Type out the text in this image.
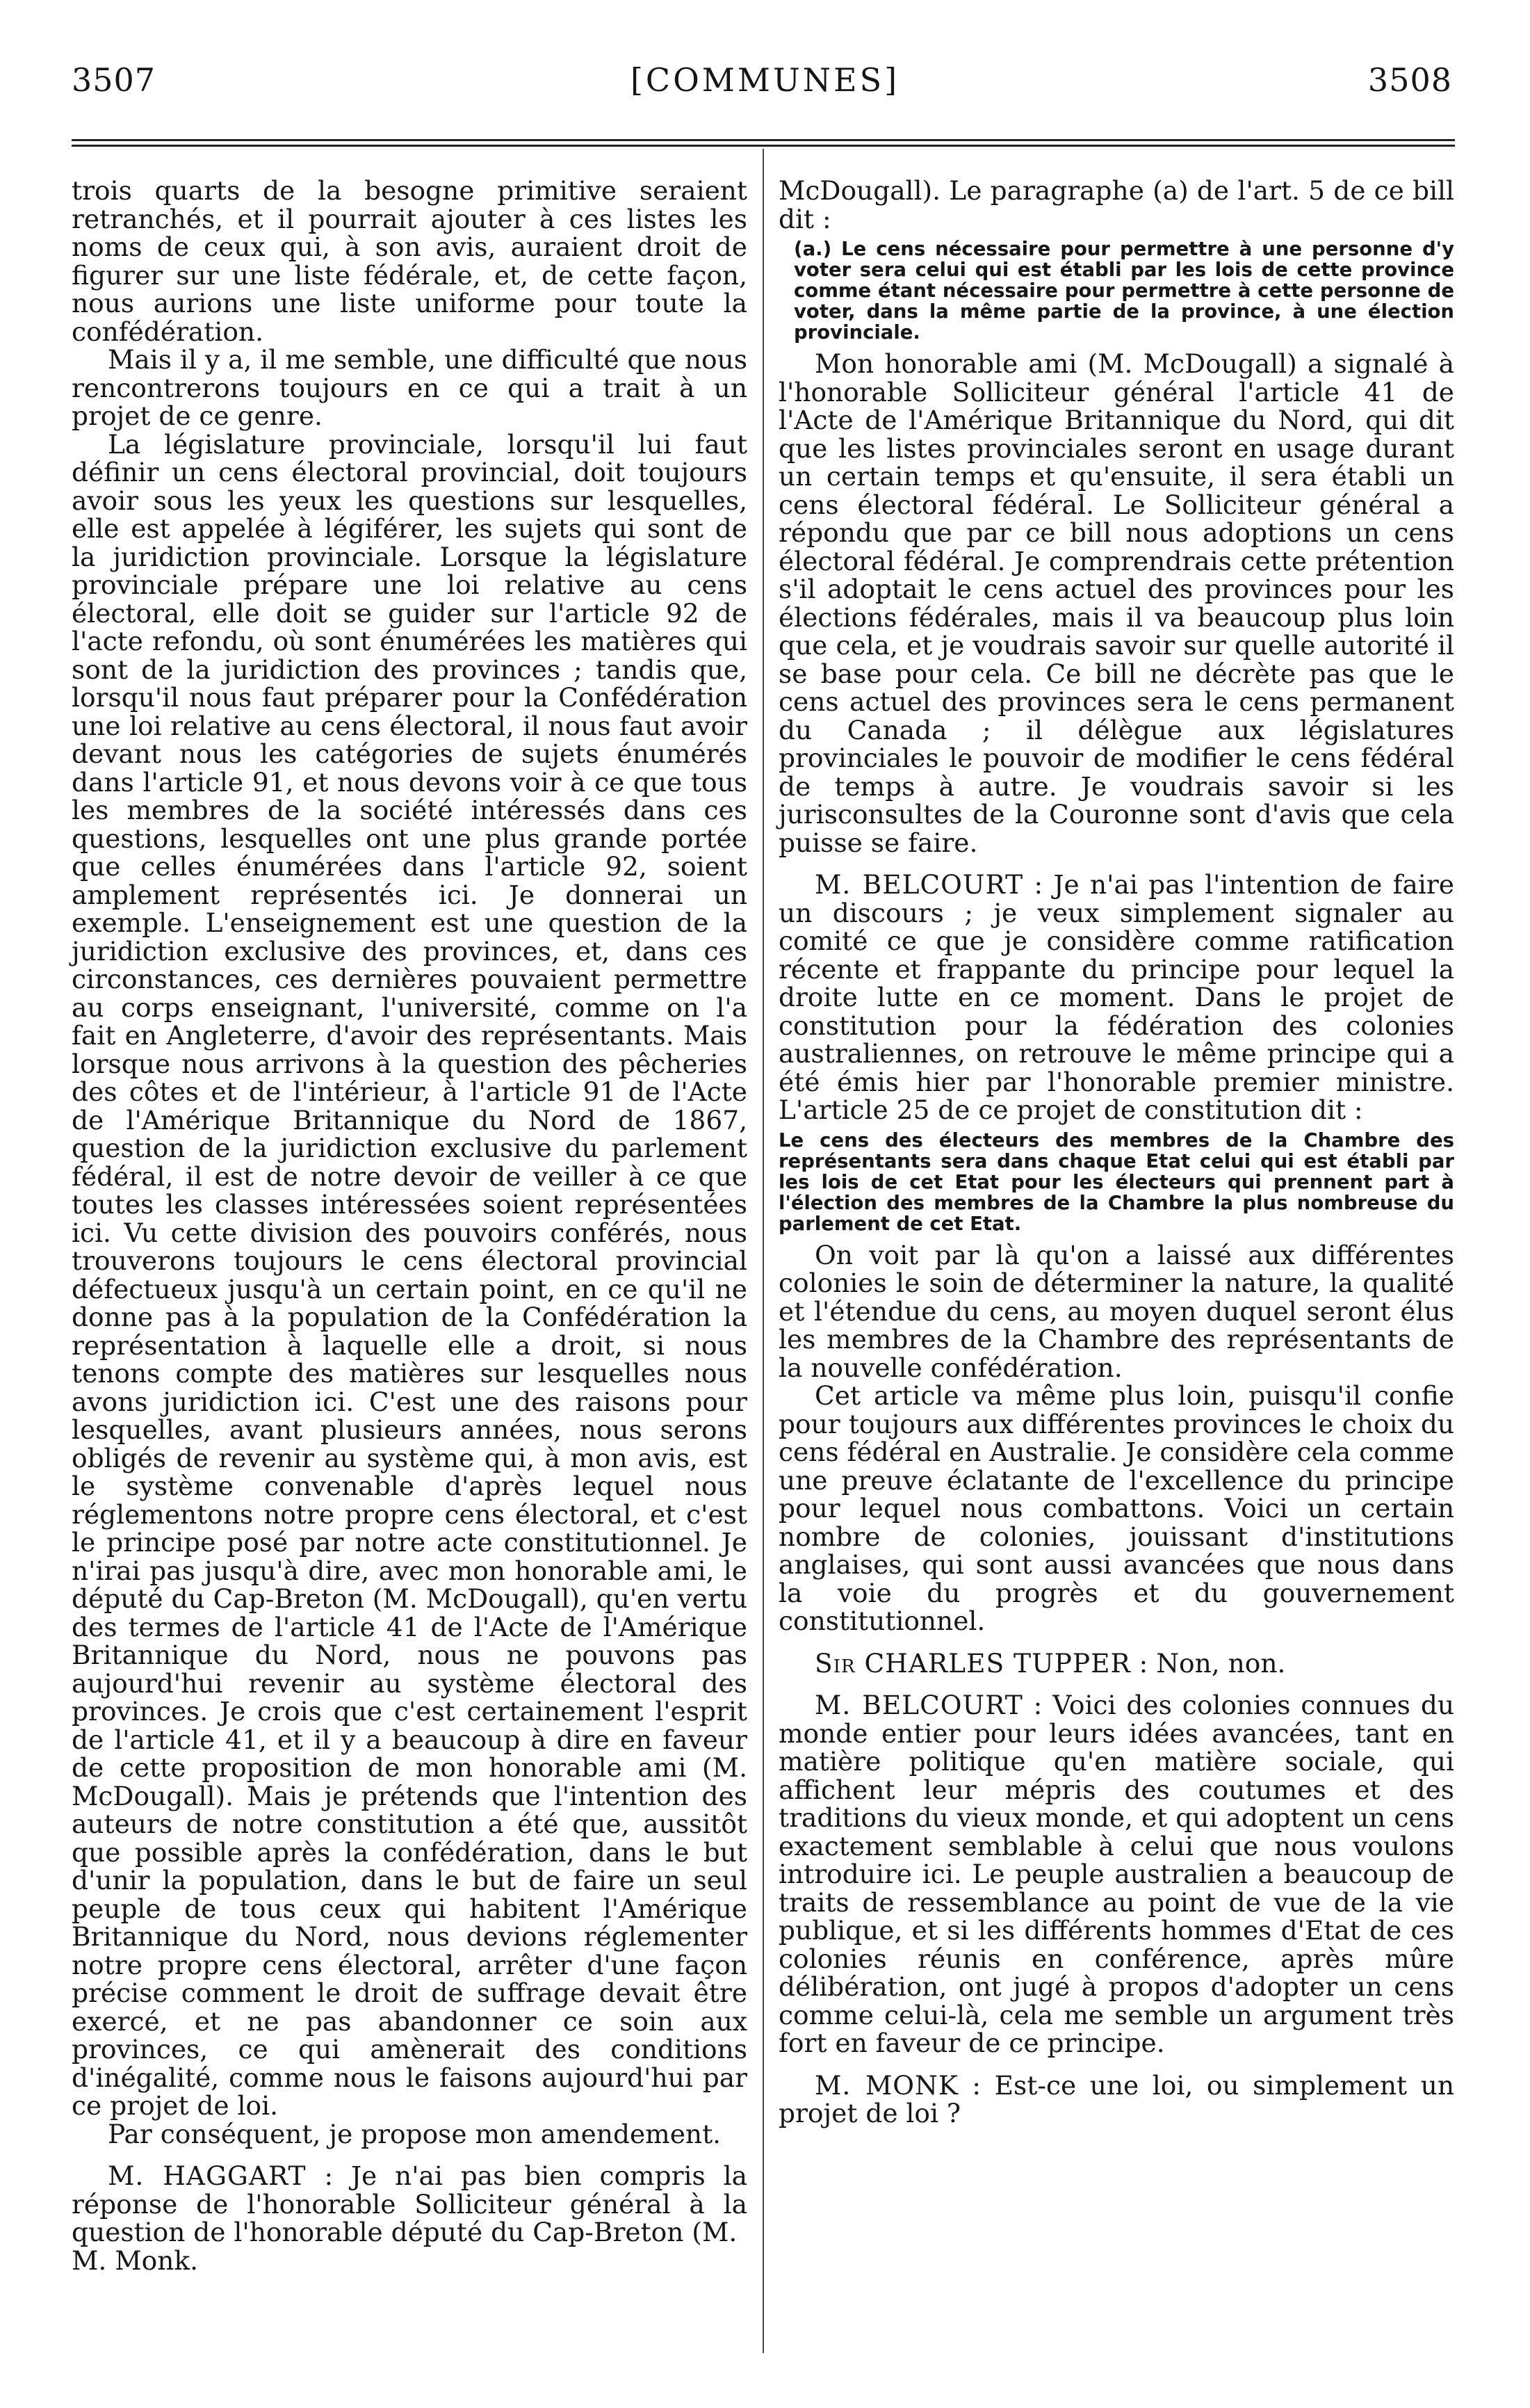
3507	[COMMUNES]	3508

trois quarts de la besogne primitive seraient retranchés, et il pourrait ajouter à ces listes les noms de ceux qui, à son avis, auraient droit de figurer sur une liste fédérale, et, de cette façon, nous aurions une liste uniforme pour toute la confédération.

Mais il y a, il me semble, une difficulté que nous rencontrerons toujours en ce qui a trait à un projet de ce genre.

La législature provinciale, lorsqu'il lui faut définir un cens électoral provincial, doit toujours avoir sous les yeux les questions sur lesquelles, elle est appelée à légiférer, les sujets qui sont de la juridiction provinciale. Lorsque la législature provinciale prépare une loi relative au cens électoral, elle doit se guider sur l'article 92 de l'acte refondu, où sont énumérées les matières qui sont de la juridiction des provinces ; tandis que, lorsqu'il nous faut préparer pour la Confédération une loi relative au cens électoral, il nous faut avoir devant nous les catégories de sujets énumérés dans l'article 91, et nous devons voir à ce que tous les membres de la société intéressés dans ces questions, lesquelles ont une plus grande portée que celles énumérées dans l'article 92, soient amplement représentés ici. Je donnerai un exemple. L'enseignement est une question de la juridiction exclusive des provinces, et, dans ces circonstances, ces dernières pouvaient permettre au corps enseignant, l'université, comme on l'a fait en Angleterre, d'avoir des représentants. Mais lorsque nous arrivons à la question des pêcheries des côtes et de l'intérieur, à l'article 91 de l'Acte de l'Amérique Britannique du Nord de 1867, question de la juridiction exclusive du parlement fédéral, il est de notre devoir de veiller à ce que toutes les classes intéressées soient représentées ici. Vu cette division des pouvoirs conférés, nous trouverons toujours le cens électoral provincial défectueux jusqu'à un certain point, en ce qu'il ne donne pas à la population de la Confédération la représentation à laquelle elle a droit, si nous tenons compte des matières sur lesquelles nous avons juridiction ici. C'est une des raisons pour lesquelles, avant plusieurs années, nous serons obligés de revenir au système qui, à mon avis, est le système convenable d'après lequel nous réglementons notre propre cens électoral, et c'est le principe posé par notre acte constitutionnel. Je n'irai pas jusqu'à dire, avec mon honorable ami, le député du Cap-Breton (M. McDougall), qu'en vertu des termes de l'article 41 de l'Acte de l'Amérique Britannique du Nord, nous ne pouvons pas aujourd'hui revenir au système électoral des provinces. Je crois que c'est certainement l'esprit de l'article 41, et il y a beaucoup à dire en faveur de cette proposition de mon honorable ami (M. McDougall). Mais je prétends que l'intention des auteurs de notre constitution a été que, aussitôt que possible après la confédération, dans le but d'unir la population, dans le but de faire un seul peuple de tous ceux qui habitent l'Amérique Britannique du Nord, nous devions réglementer notre propre cens électoral, arrêter d'une façon précise comment le droit de suffrage devait être exercé, et ne pas abandonner ce soin aux provinces, ce qui amènerait des conditions d'inégalité, comme nous le faisons aujourd'hui par ce projet de loi.

Par conséquent, je propose mon amendement.

M. HAGGART : Je n'ai pas bien compris la réponse de l'honorable Solliciteur général à la question de l'honorable député du Cap-Breton (M.

M. Monk.

McDougall). Le paragraphe (a) de l'art. 5 de ce bill dit :

(a.) Le cens nécessaire pour permettre à une personne d'y voter sera celui qui est établi par les lois de cette province comme étant nécessaire pour permettre à cette personne de voter, dans la même partie de la province, à une élection provinciale.

Mon honorable ami (M. McDougall) a signalé à l'honorable Solliciteur général l'article 41 de l'Acte de l'Amérique Britannique du Nord, qui dit que les listes provinciales seront en usage durant un certain temps et qu'ensuite, il sera établi un cens électoral fédéral. Le Solliciteur général a répondu que par ce bill nous adoptions un cens électoral fédéral. Je comprendrais cette prétention s'il adoptait le cens actuel des provinces pour les élections fédérales, mais il va beaucoup plus loin que cela, et je voudrais savoir sur quelle autorité il se base pour cela. Ce bill ne décrète pas que le cens actuel des provinces sera le cens permanent du Canada ; il délègue aux législatures provinciales le pouvoir de modifier le cens fédéral de temps à autre. Je voudrais savoir si les jurisconsultes de la Couronne sont d'avis que cela puisse se faire.

M. BELCOURT : Je n'ai pas l'intention de faire un discours ; je veux simplement signaler au comité ce que je considère comme ratification récente et frappante du principe pour lequel la droite lutte en ce moment. Dans le projet de constitution pour la fédération des colonies australiennes, on retrouve le même principe qui a été émis hier par l'honorable premier ministre. L'article 25 de ce projet de constitution dit :

Le cens des électeurs des membres de la Chambre des représentants sera dans chaque Etat celui qui est établi par les lois de cet Etat pour les électeurs qui prennent part à l'élection des membres de la Chambre la plus nombreuse du parlement de cet Etat.

On voit par là qu'on a laissé aux différentes colonies le soin de déterminer la nature, la qualité et l'étendue du cens, au moyen duquel seront élus les membres de la Chambre des représentants de la nouvelle confédération.

Cet article va même plus loin, puisqu'il confie pour toujours aux différentes provinces le choix du cens fédéral en Australie. Je considère cela comme une preuve éclatante de l'excellence du principe pour lequel nous combattons. Voici un certain nombre de colonies, jouissant d'institutions anglaises, qui sont aussi avancées que nous dans la voie du progrès et du gouvernement constitutionnel.

Sir CHARLES TUPPER : Non, non.

M. BELCOURT : Voici des colonies connues du monde entier pour leurs idées avancées, tant en matière politique qu'en matière sociale, qui affichent leur mépris des coutumes et des traditions du vieux monde, et qui adoptent un cens exactement semblable à celui que nous voulons introduire ici. Le peuple australien a beaucoup de traits de ressemblance au point de vue de la vie publique, et si les différents hommes d'Etat de ces colonies réunis en conférence, après mûre délibération, ont jugé à propos d'adopter un cens comme celui-là, cela me semble un argument très fort en faveur de ce principe.

M. MONK : Est-ce une loi, ou simplement un projet de loi ?
